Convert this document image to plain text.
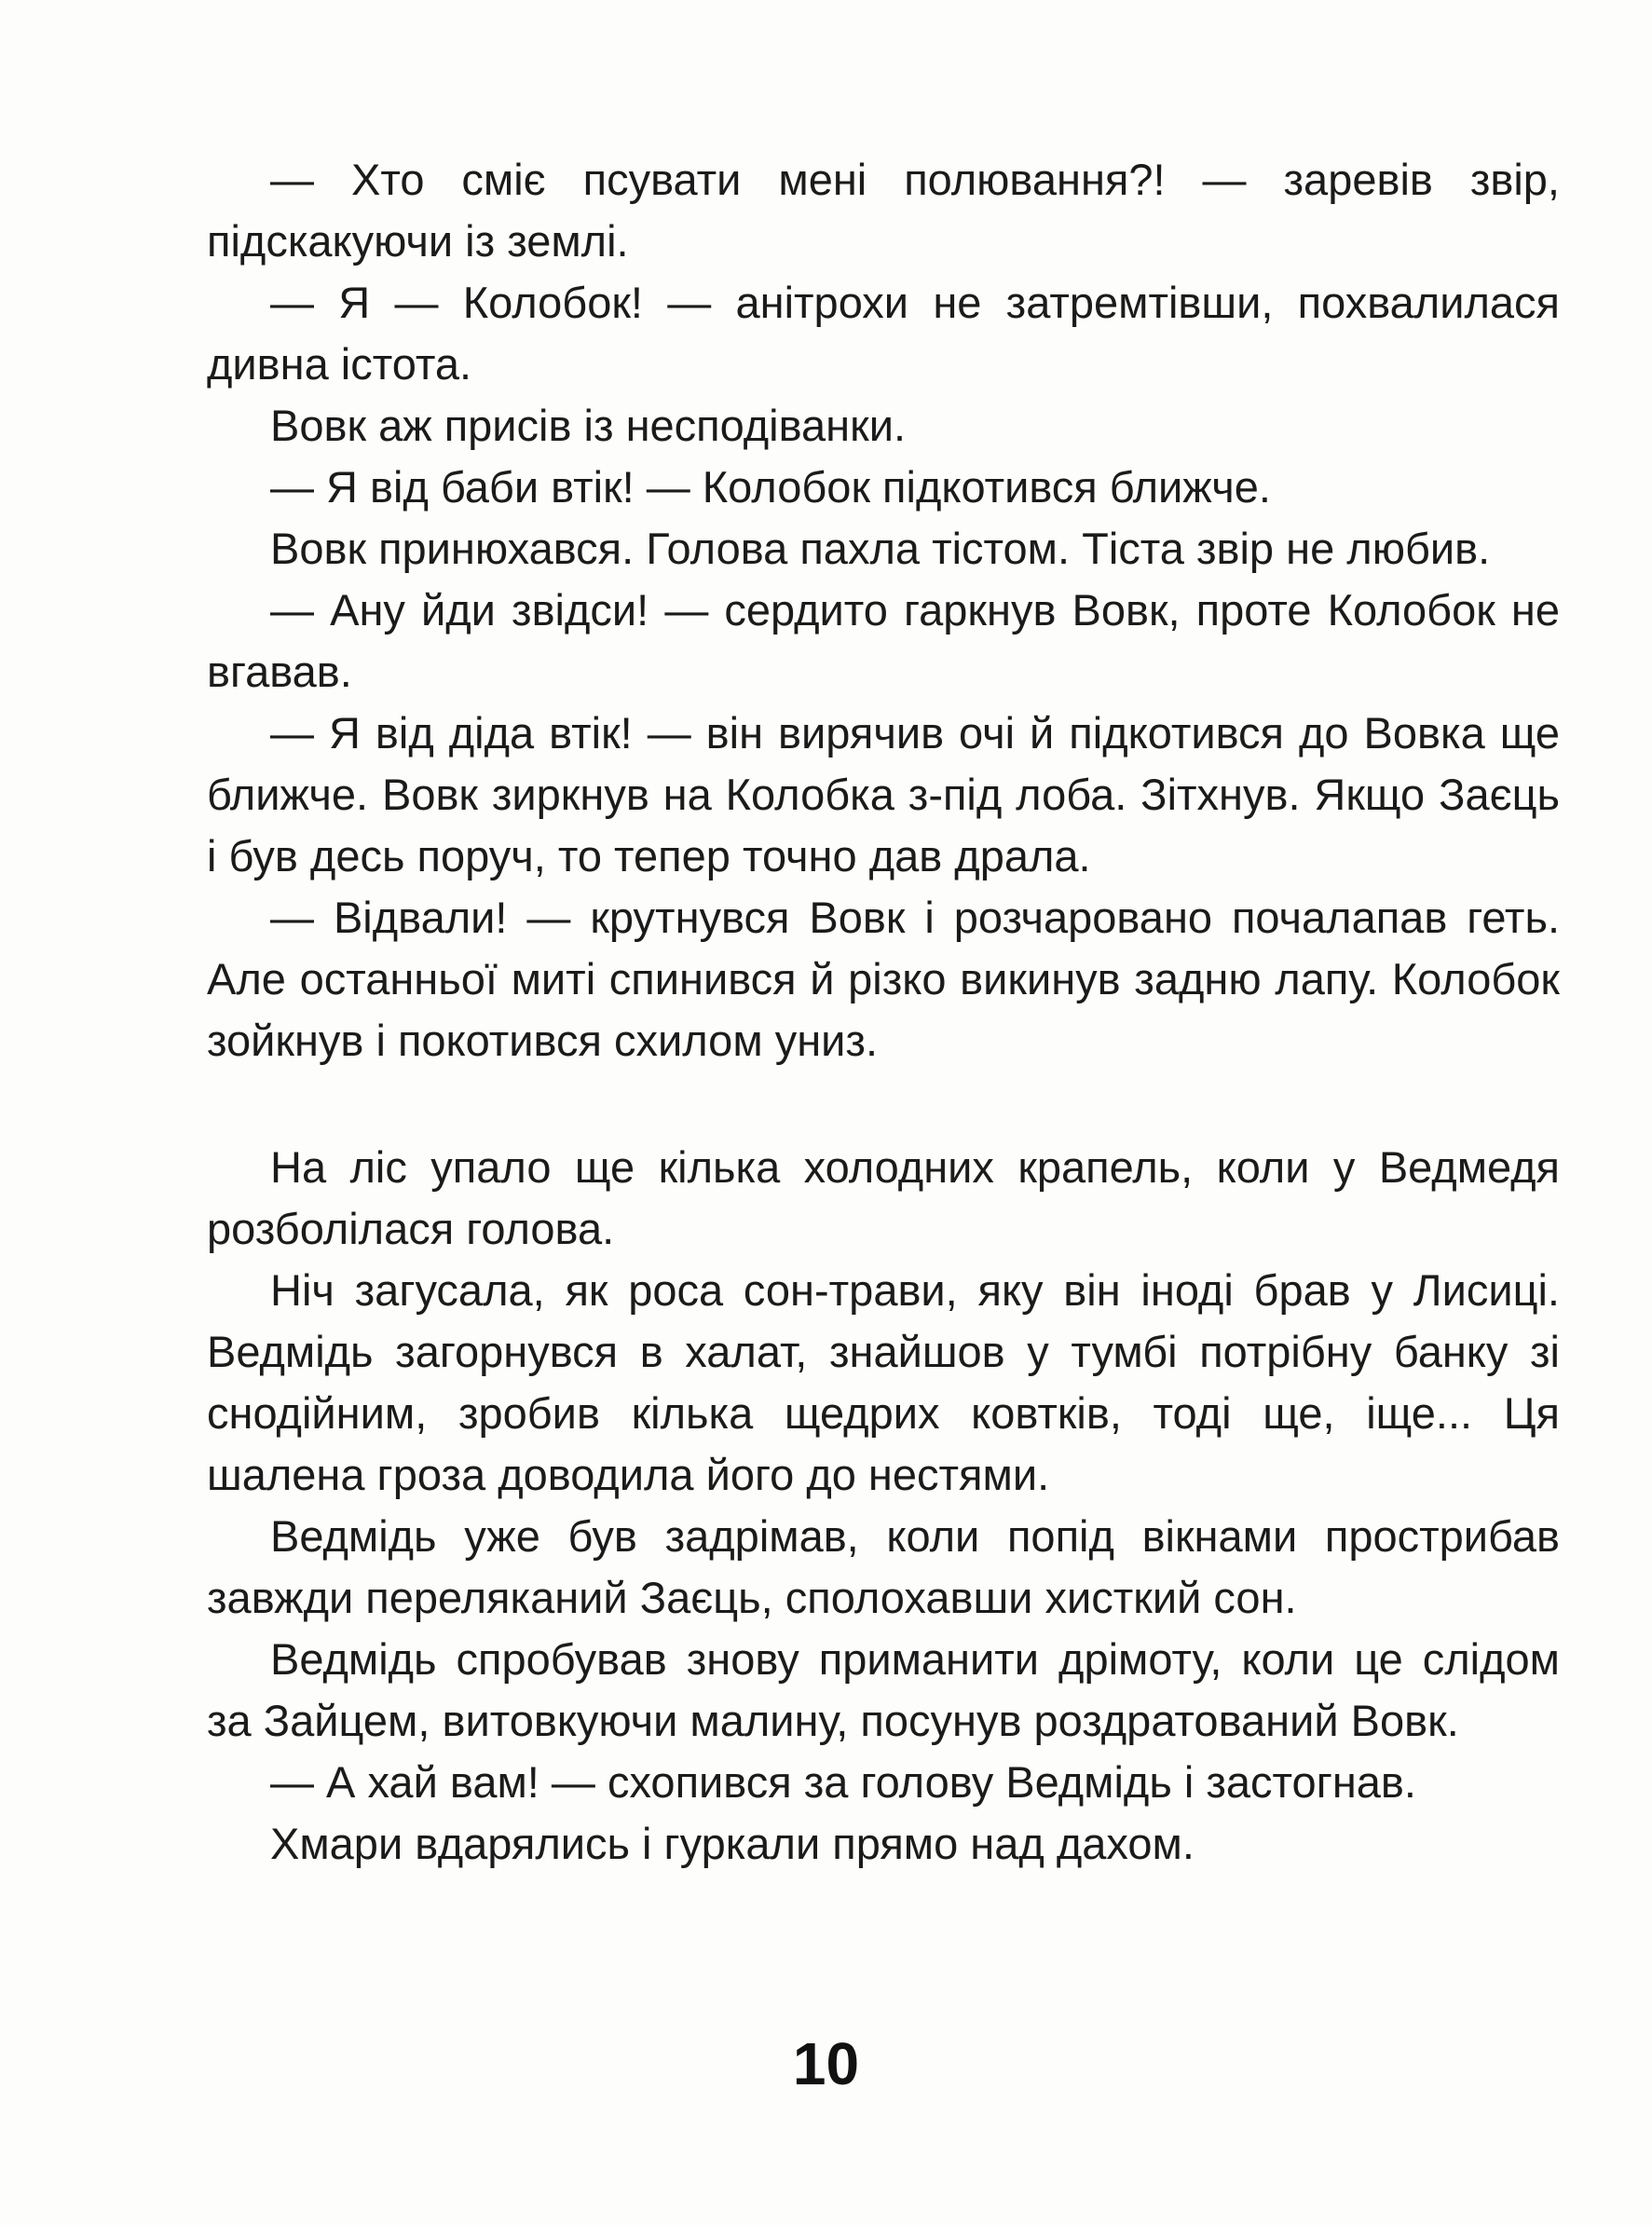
— Хто сміє псувати мені полювання?! — заревів звір, підскакуючи із землі.

— Я — Колобок! — анітрохи не затремтівши, похвалилася дивна істота.

Вовк аж присів із несподіванки.

— Я від баби втік! — Колобок підкотився ближче.

Вовк принюхався. Голова пахла тістом. Тіста звір не любив.

— Ану йди звідси! — сердито гаркнув Вовк, проте Колобок не вгавав.

— Я від діда втік! — він вирячив очі й підкотився до Вовка ще ближче. Вовк зиркнув на Колобка з-під лоба. Зітхнув. Якщо Заєць і був десь поруч, то тепер точно дав драла.

— Відвали! — крутнувся Вовк і розчаровано почалапав геть. Але останньої миті спинився й різко викинув задню лапу. Колобок зойкнув і покотився схилом униз.

На ліс упало ще кілька холодних крапель, коли у Ведмедя розболілася голова.

Ніч загусала, як роса сон-трави, яку він іноді брав у Лисиці. Ведмідь загорнувся в халат, знайшов у тумбі потрібну банку зі снодійним, зробив кілька щедрих ковтків, тоді ще, іще... Ця шалена гроза доводила його до нестями.

Ведмідь уже був задрімав, коли попід вікнами прострибав завжди переляканий Заєць, сполохавши хисткий сон.

Ведмідь спробував знову приманити дрімоту, коли це слідом за Зайцем, витовкуючи малину, посунув роздратований Вовк.

— А хай вам! — схопився за голову Ведмідь і застогнав.

Хмари вдарялись і гуркали прямо над дахом.

10
